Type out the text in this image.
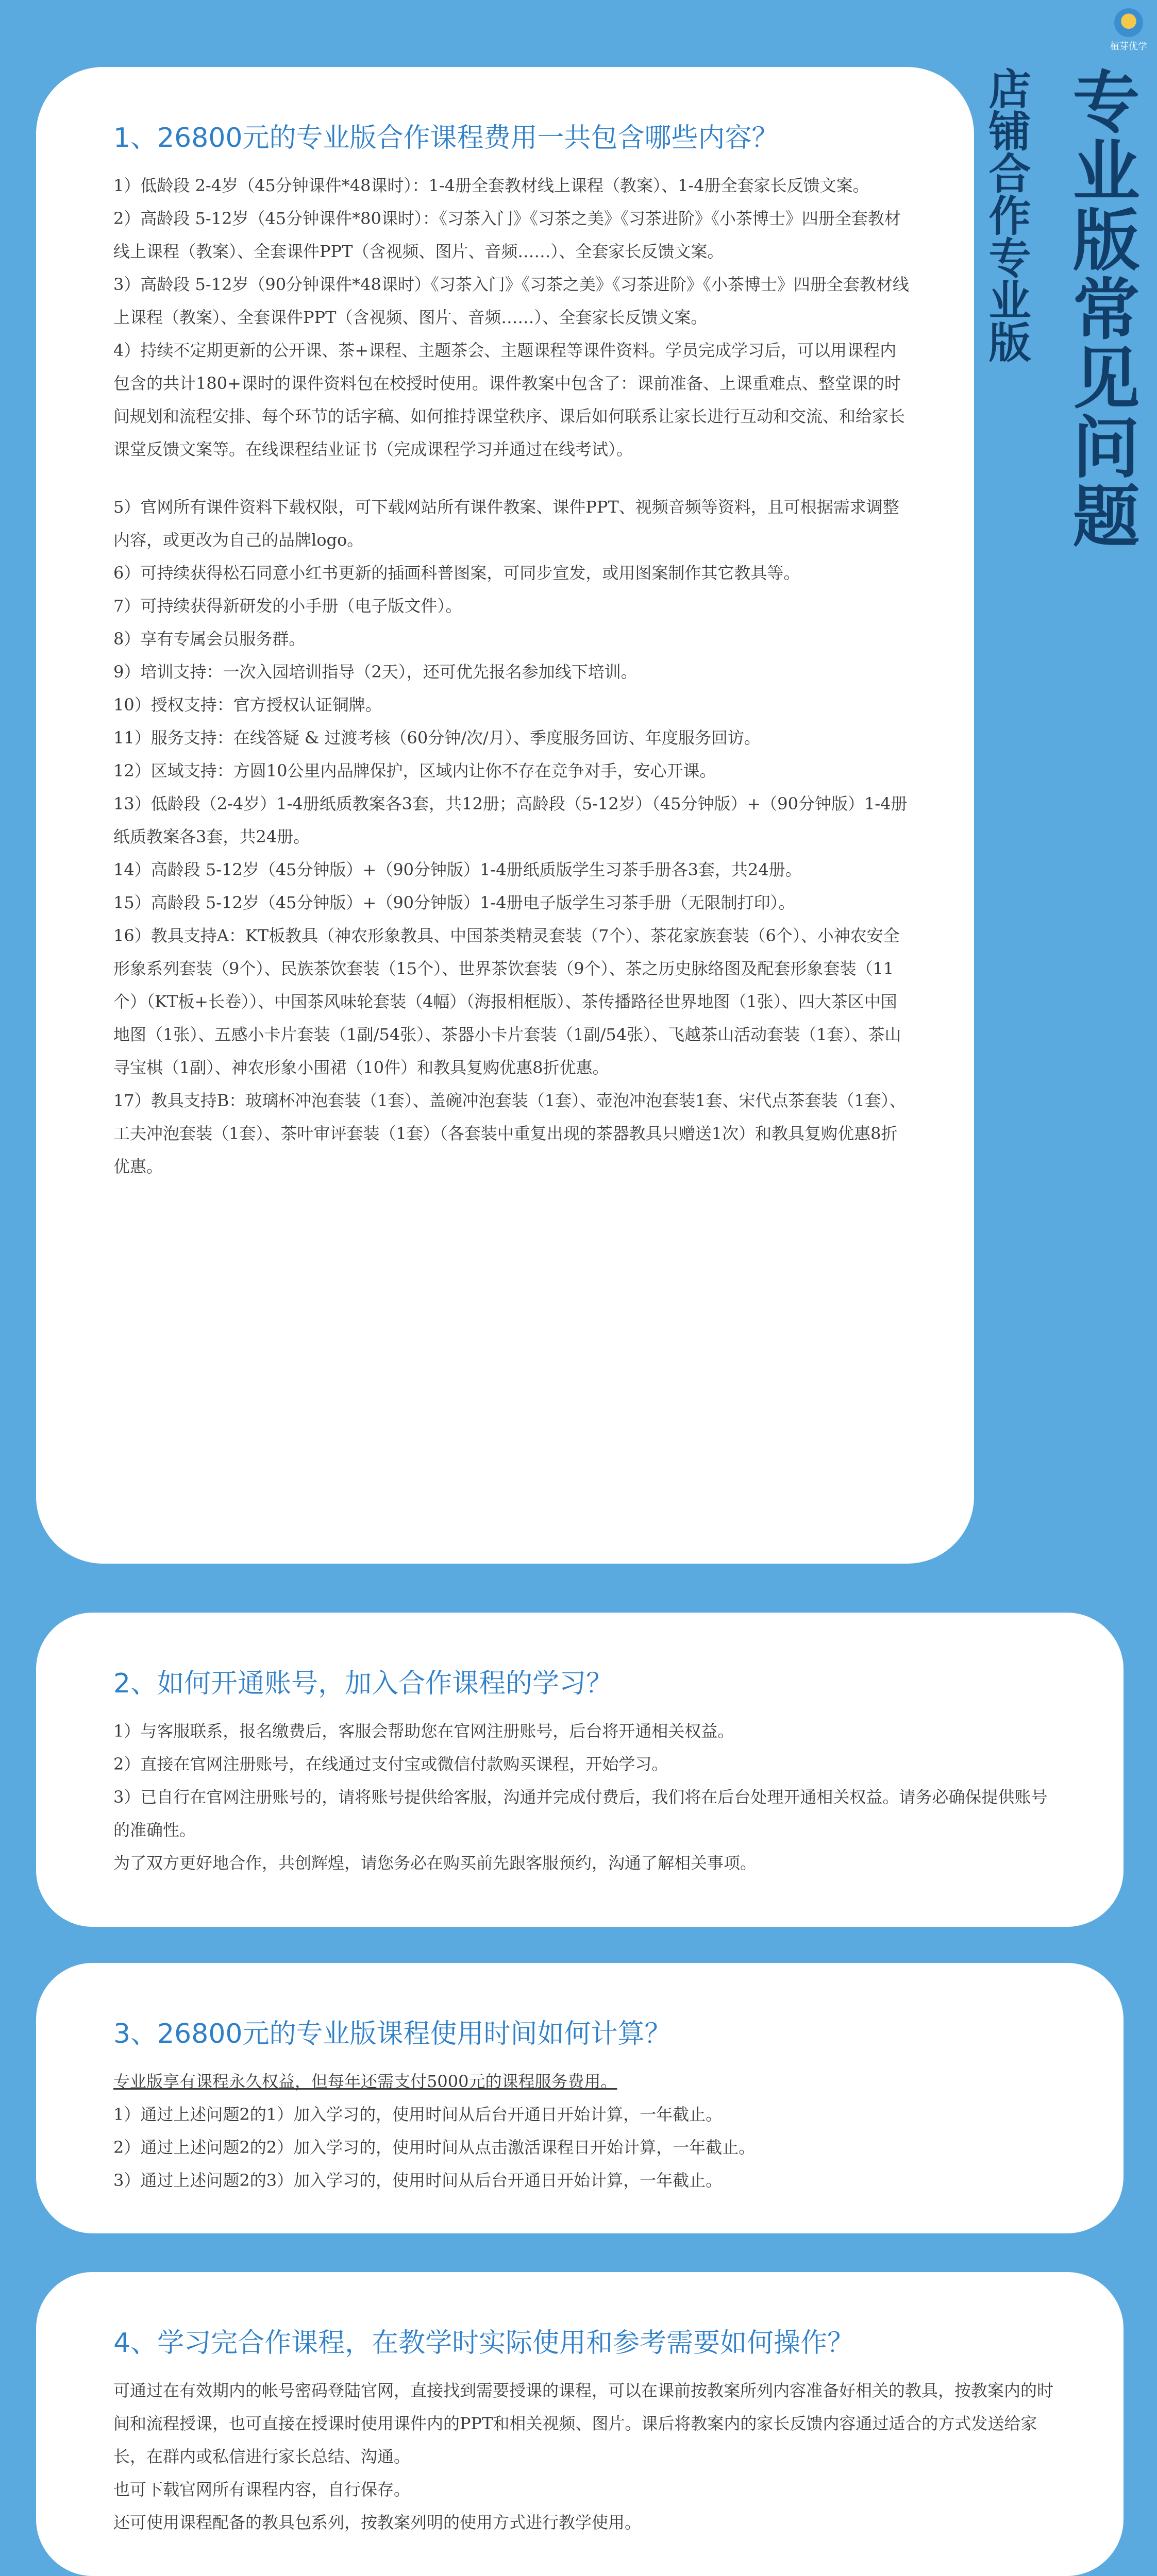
植芽优学
专业版常见问题
店铺合作专业版
1、26800元的专业版合作课程费用一共包含哪些内容？

1）低龄段 2-4岁（45分钟课件*48课时）：1-4册全套教材线上课程（教案）、1-4册全套家长反馈文案。

2）高龄段 5-12岁（45分钟课件*80课时）：《习茶入门》《习茶之美》《习茶进阶》《小茶博士》四册全套教材线上课程（教案）、全套课件PPT（含视频、图片、音频……）、全套家长反馈文案。

3）高龄段 5-12岁（90分钟课件*48课时）《习茶入门》《习茶之美》《习茶进阶》《小茶博士》四册全套教材线上课程（教案）、全套课件PPT（含视频、图片、音频……）、全套家长反馈文案。

4）持续不定期更新的公开课、茶+课程、主题茶会、主题课程等课件资料。学员完成学习后，可以用课程内包含的共计180+课时的课件资料包在校授时使用。课件教案中包含了：课前准备、上课重难点、整堂课的时间规划和流程安排、每个环节的话字稿、如何推持课堂秩序、课后如何联系让家长进行互动和交流、和给家长课堂反馈文案等。在线课程结业证书（完成课程学习并通过在线考试）。

5）官网所有课件资料下载权限，可下载网站所有课件教案、课件PPT、视频音频等资料，且可根据需求调整内容，或更改为自己的品牌logo。

6）可持续获得松石同意小红书更新的插画科普图案，可同步宣发，或用图案制作其它教具等。

7）可持续获得新研发的小手册（电子版文件）。

8）享有专属会员服务群。

9）培训支持：一次入园培训指导（2天），还可优先报名参加线下培训。

10）授权支持：官方授权认证铜牌。

11）服务支持：在线答疑 & 过渡考核（60分钟/次/月）、季度服务回访、年度服务回访。

12）区域支持：方圆10公里内品牌保护，区域内让你不存在竞争对手，安心开课。

13）低龄段（2-4岁）1-4册纸质教案各3套，共12册；高龄段（5-12岁）（45分钟版）+（90分钟版）1-4册纸质教案各3套，共24册。

14）高龄段 5-12岁（45分钟版）+（90分钟版）1-4册纸质版学生习茶手册各3套，共24册。

15）高龄段 5-12岁（45分钟版）+（90分钟版）1-4册电子版学生习茶手册（无限制打印）。

16）教具支持A：KT板教具（神农形象教具、中国茶类精灵套装（7个）、茶花家族套装（6个）、小神农安全形象系列套装（9个）、民族茶饮套装（15个）、世界茶饮套装（9个）、茶之历史脉络图及配套形象套装（11个）（KT板+长卷））、中国茶风味轮套装（4幅）（海报相框版）、茶传播路径世界地图（1张）、四大茶区中国地图（1张）、五感小卡片套装（1副/54张）、茶器小卡片套装（1副/54张）、飞越茶山活动套装（1套）、茶山寻宝棋（1副）、神农形象小围裙（10件）和教具复购优惠8折优惠。

17）教具支持B：玻璃杯冲泡套装（1套）、盖碗冲泡套装（1套）、壶泡冲泡套装1套、宋代点茶套装（1套）、工夫冲泡套装（1套）、茶叶审评套装（1套）（各套装中重复出现的茶器教具只赠送1次）和教具复购优惠8折优惠。

2、如何开通账号，加入合作课程的学习？

1）与客服联系，报名缴费后，客服会帮助您在官网注册账号，后台将开通相关权益。

2）直接在官网注册账号，在线通过支付宝或微信付款购买课程，开始学习。

3）已自行在官网注册账号的，请将账号提供给客服，沟通并完成付费后，我们将在后台处理开通相关权益。请务必确保提供账号的准确性。

为了双方更好地合作，共创辉煌，请您务必在购买前先跟客服预约，沟通了解相关事项。

3、26800元的专业版课程使用时间如何计算？

专业版享有课程永久权益，但每年还需支付5000元的课程服务费用。

1）通过上述问题2的1）加入学习的，使用时间从后台开通日开始计算，一年截止。

2）通过上述问题2的2）加入学习的，使用时间从点击激活课程日开始计算，一年截止。

3）通过上述问题2的3）加入学习的，使用时间从后台开通日开始计算，一年截止。

4、学习完合作课程，在教学时实际使用和参考需要如何操作？

可通过在有效期内的帐号密码登陆官网，直接找到需要授课的课程，可以在课前按教案所列内容准备好相关的教具，按教案内的时间和流程授课，也可直接在授课时使用课件内的PPT和相关视频、图片。课后将教案内的家长反馈内容通过适合的方式发送给家长，在群内或私信进行家长总结、沟通。

也可下载官网所有课程内容，自行保存。

还可使用课程配备的教具包系列，按教案列明的使用方式进行教学使用。
